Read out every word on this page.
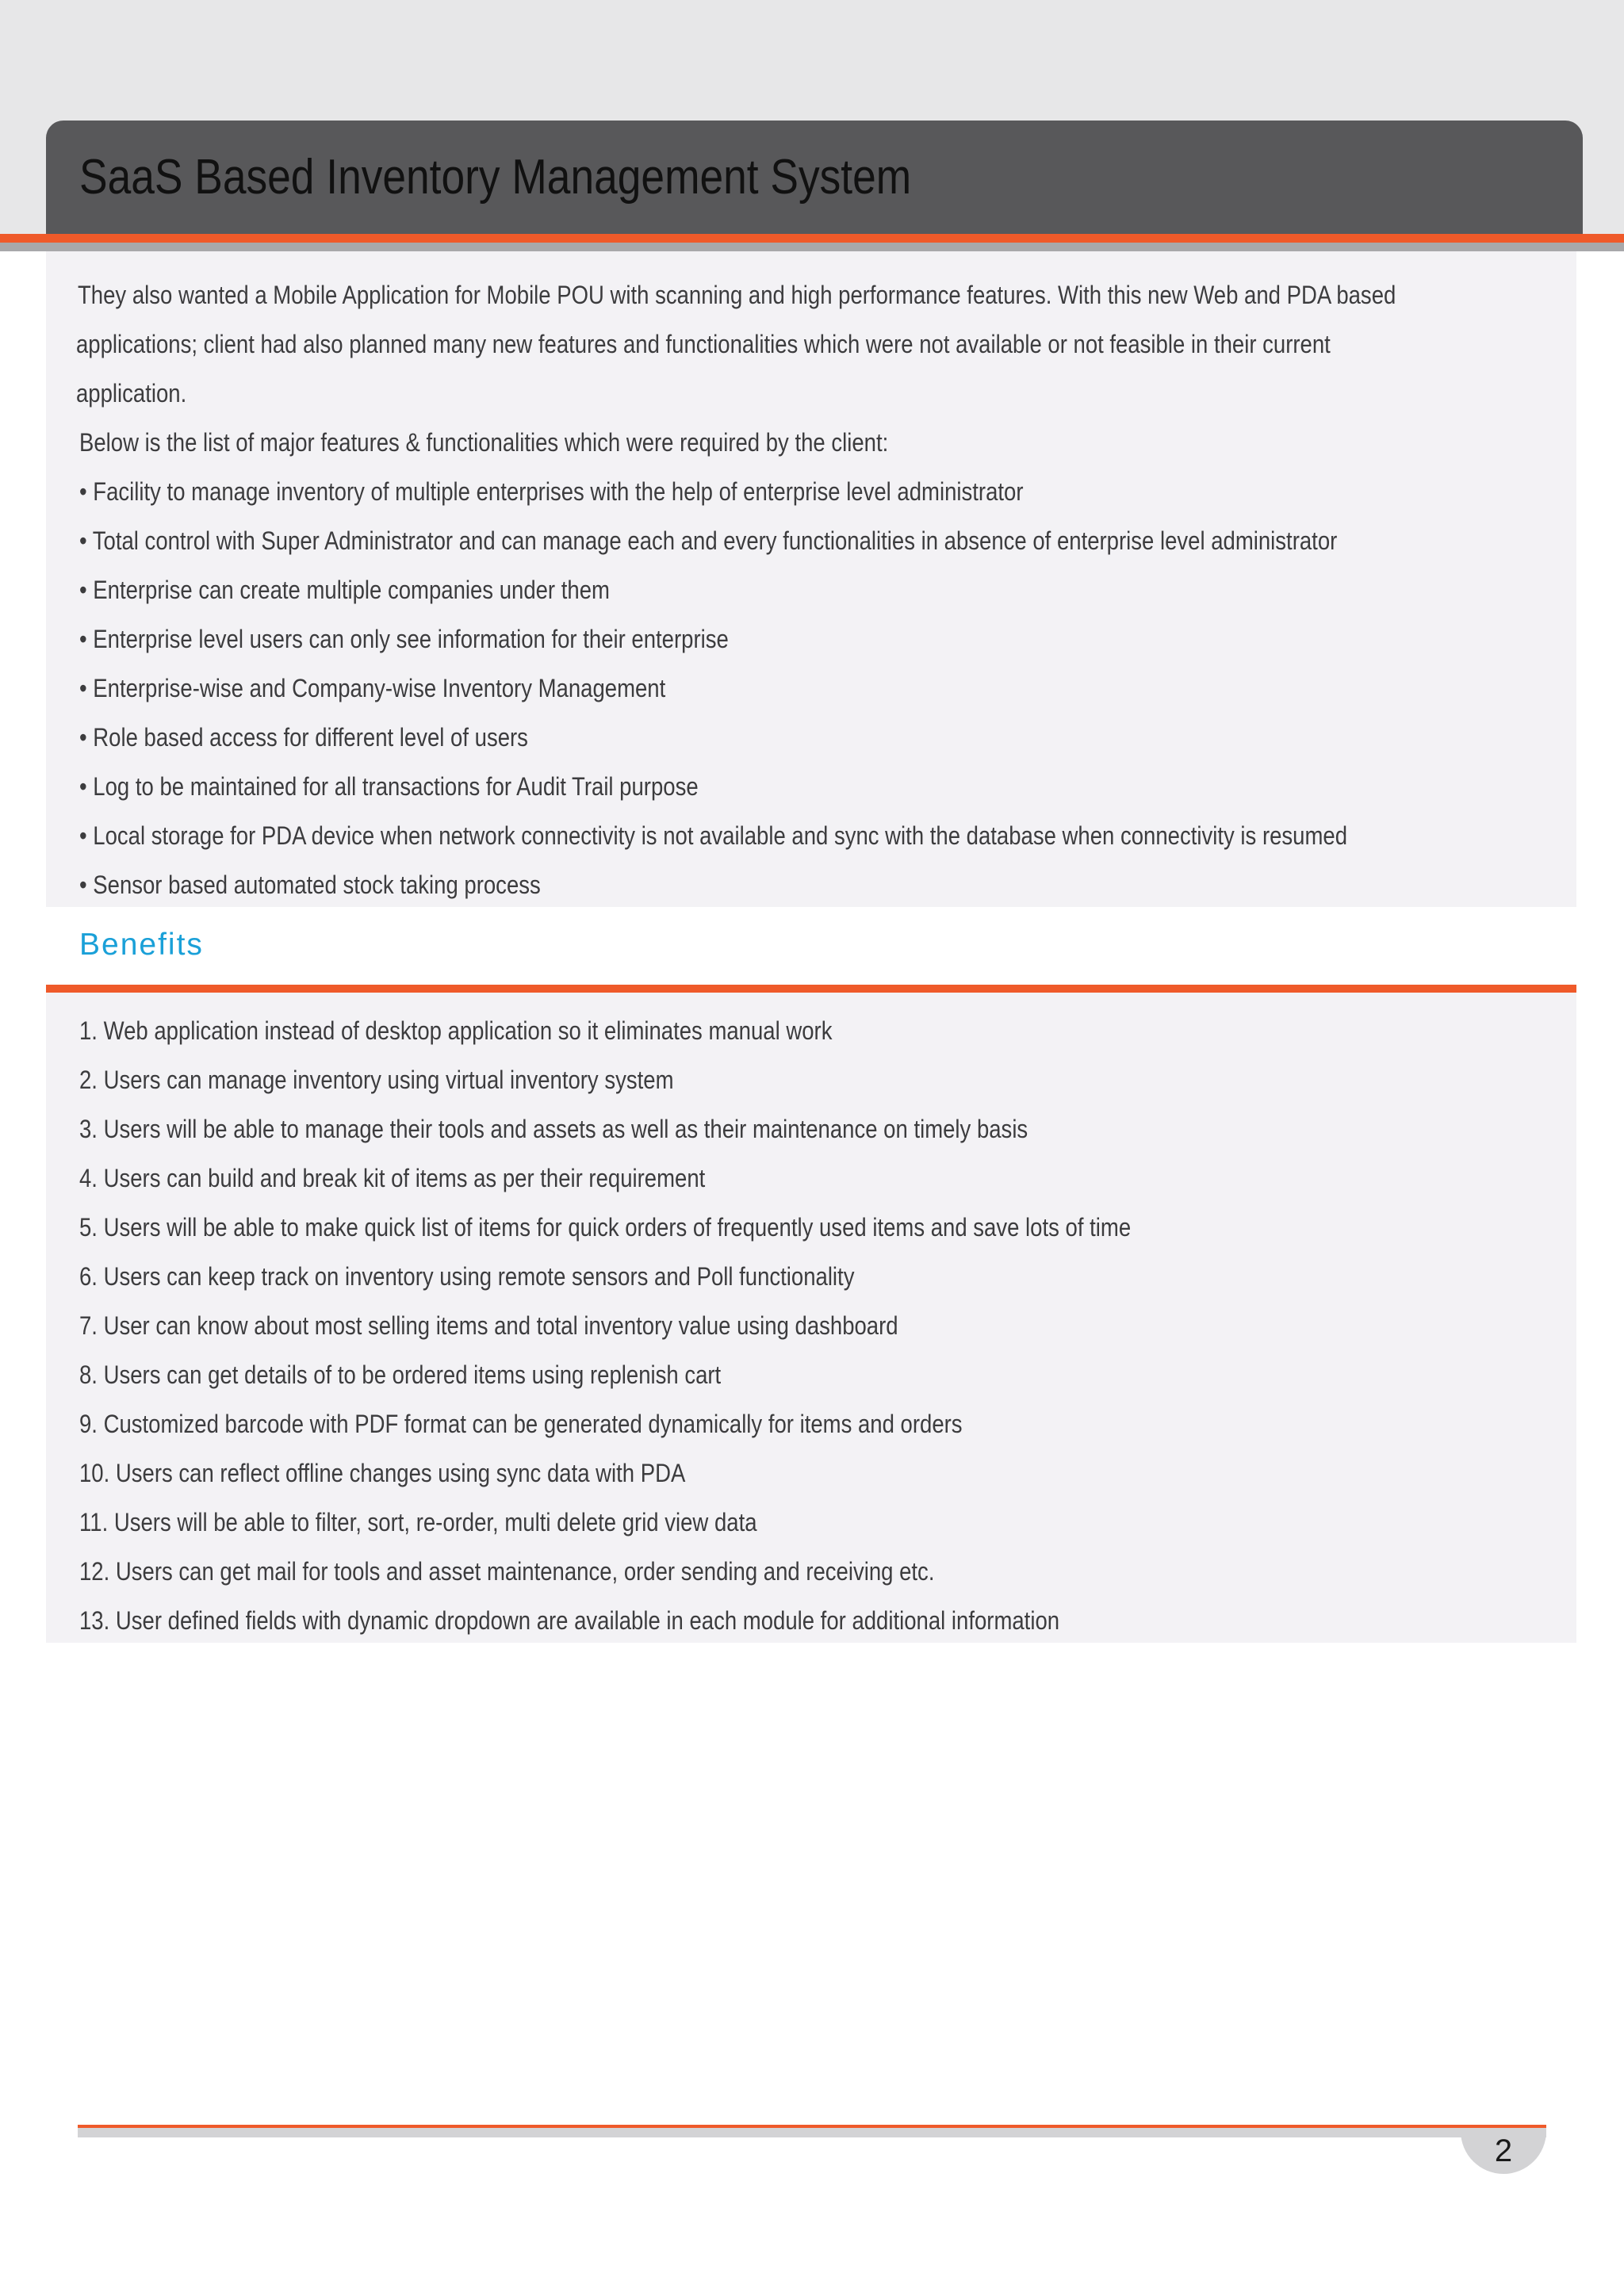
SaaS Based Inventory Management System
They also wanted a Mobile Application for Mobile POU with scanning and high performance features. With this new Web and PDA based
applications; client had also planned many new features and functionalities which were not available or not feasible in their current
application.
Below is the list of major features & functionalities which were required by the client:
• Facility to manage inventory of multiple enterprises with the help of enterprise level administrator
• Total control with Super Administrator and can manage each and every functionalities in absence of enterprise level administrator
• Enterprise can create multiple companies under them
• Enterprise level users can only see information for their enterprise
• Enterprise-wise and Company-wise Inventory Management
• Role based access for different level of users
• Log to be maintained for all transactions for Audit Trail purpose
• Local storage for PDA device when network connectivity is not available and sync with the database when connectivity is resumed
• Sensor based automated stock taking process
Benefits
1. Web application instead of desktop application so it eliminates manual work
2. Users can manage inventory using virtual inventory system
3. Users will be able to manage their tools and assets as well as their maintenance on timely basis
4. Users can build and break kit of items as per their requirement
5. Users will be able to make quick list of items for quick orders of frequently used items and save lots of time
6. Users can keep track on inventory using remote sensors and Poll functionality
7. User can know about most selling items and total inventory value using dashboard
8. Users can get details of to be ordered items using replenish cart
9. Customized barcode with PDF format can be generated dynamically for items and orders
10. Users can reflect offline changes using sync data with PDA
11. Users will be able to filter, sort, re-order, multi delete grid view data
12. Users can get mail for tools and asset maintenance, order sending and receiving etc.
13. User defined fields with dynamic dropdown are available in each module for additional information
2
